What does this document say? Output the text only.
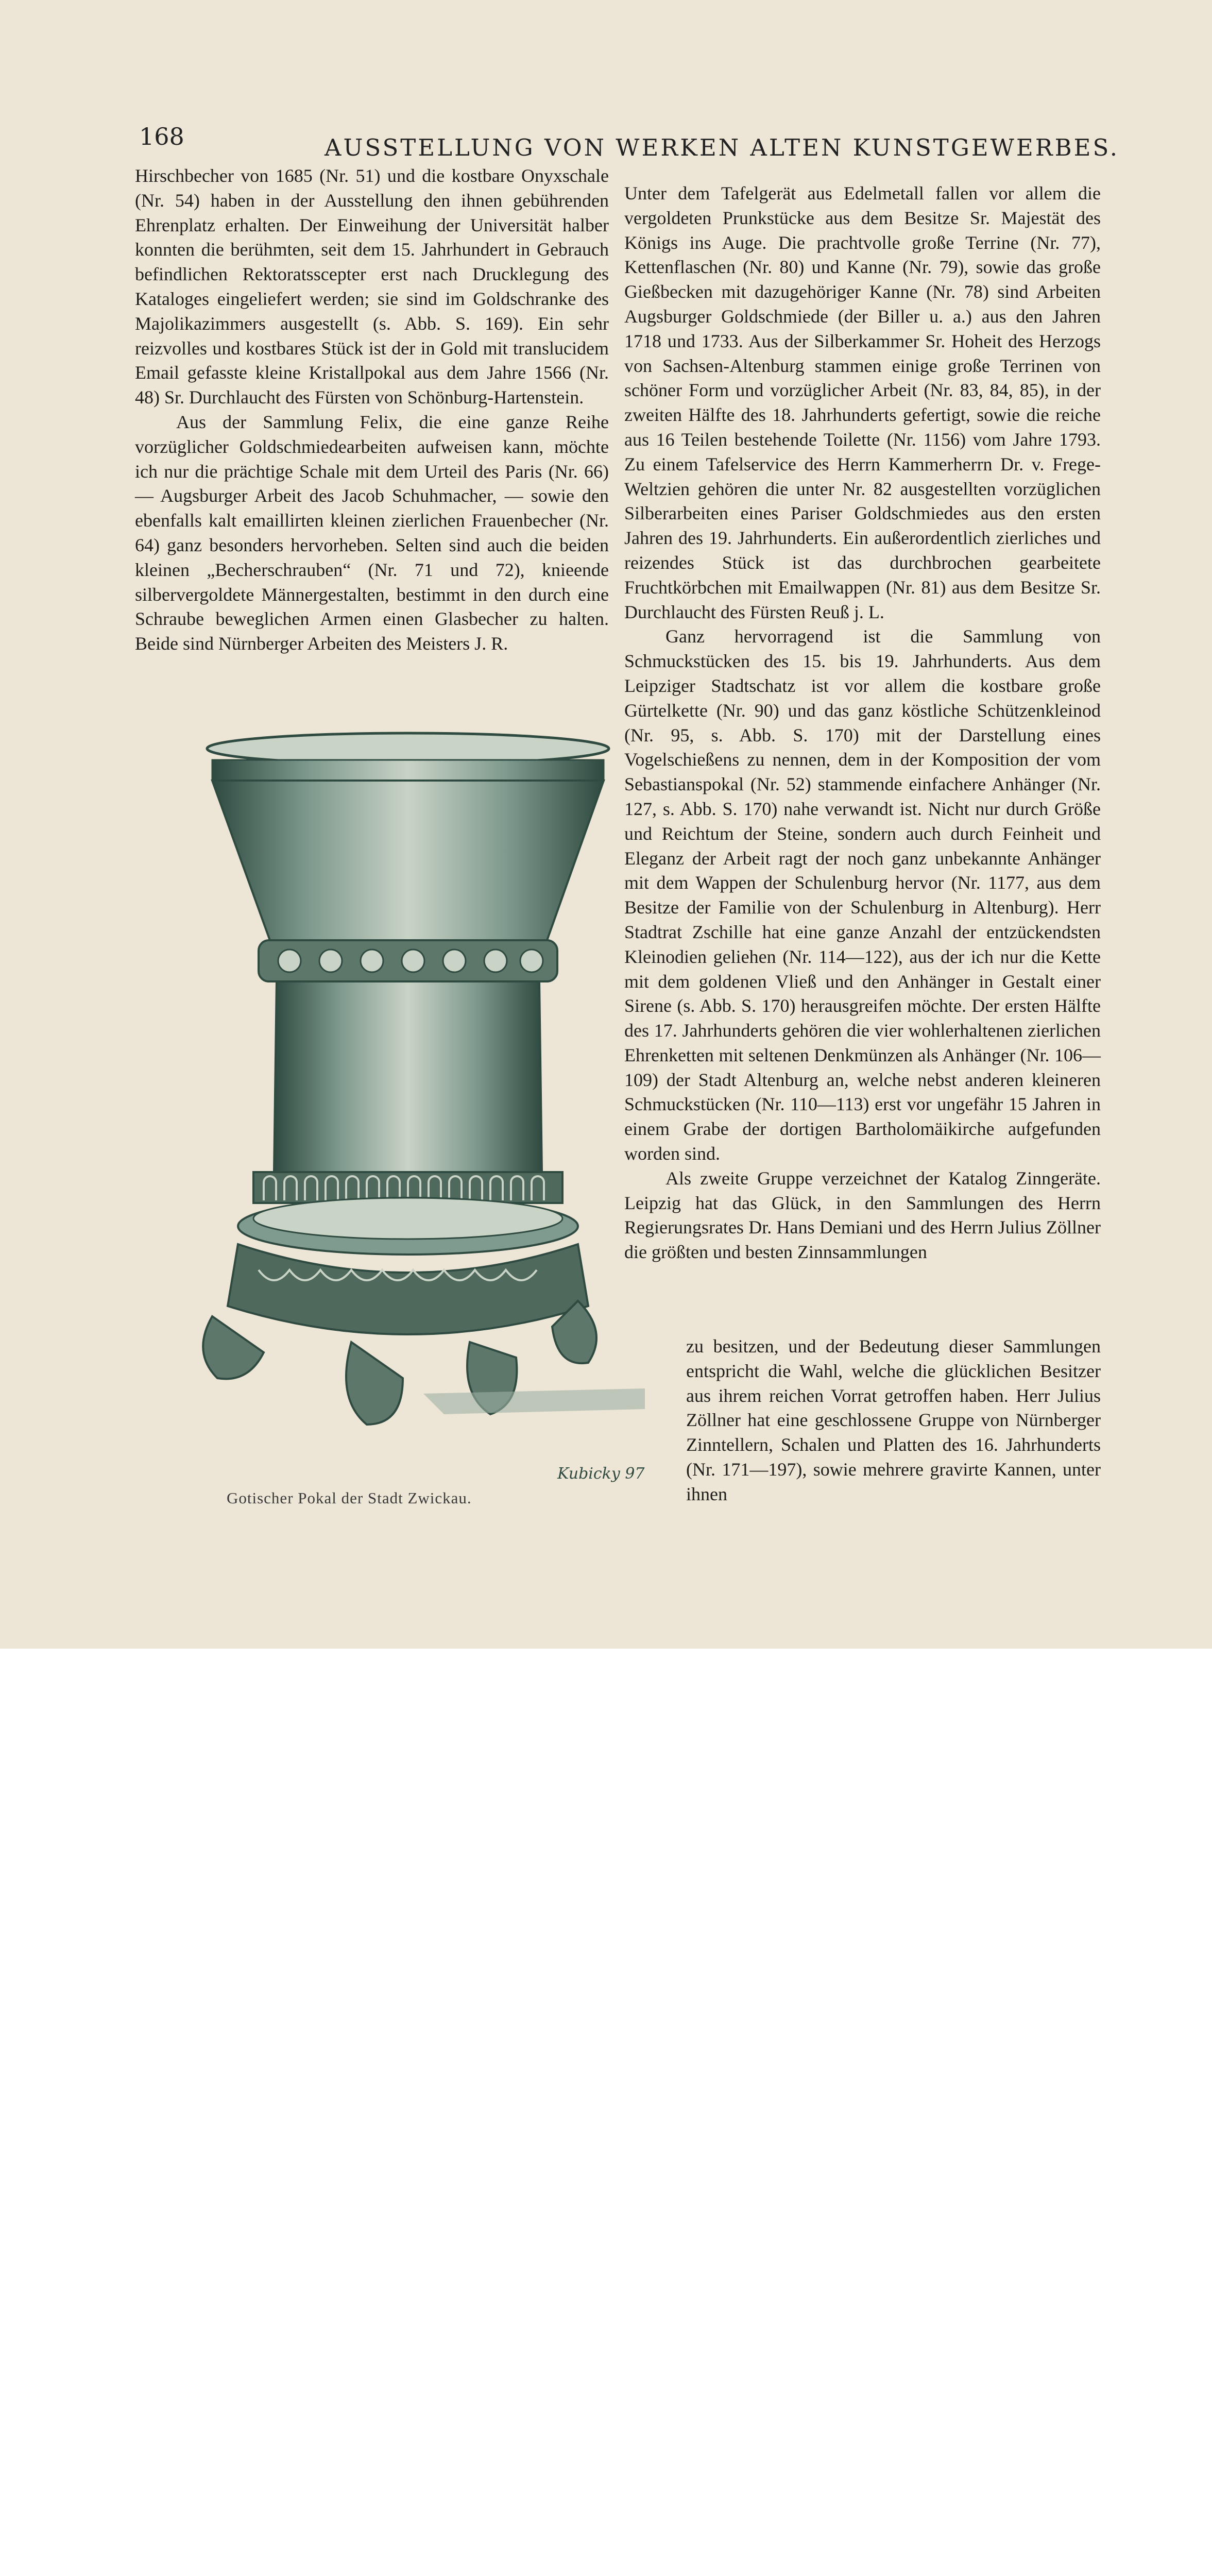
168	AUSSTELLUNG VON WERKEN ALTEN KUNSTGEWERBES.

Hirschbecher von 1685 (Nr. 51) und die kostbare Onyxschale (Nr. 54) haben in der Ausstellung den ihnen gebührenden Ehrenplatz erhalten. Der Einweihung der Universität halber konnten die berühmten, seit dem 15. Jahrhundert in Gebrauch befindlichen Rektoratsscepter erst nach Drucklegung des Kataloges eingeliefert werden; sie sind im Goldschranke des Majolikazimmers ausgestellt (s. Abb. S. 169). Ein sehr reizvolles und kostbares Stück ist der in Gold mit translucidem Email gefasste kleine Kristallpokal aus dem Jahre 1566 (Nr. 48) Sr. Durchlaucht des Fürsten von Schönburg-Hartenstein.

Aus der Sammlung Felix, die eine ganze Reihe vorzüglicher Goldschmiedearbeiten aufweisen kann, möchte ich nur die prächtige Schale mit dem Urteil des Paris (Nr. 66) — Augsburger Arbeit des Jacob Schuhmacher, — sowie den ebenfalls kalt emaillirten kleinen zierlichen Frauenbecher (Nr. 64) ganz besonders hervorheben. Selten sind auch die beiden kleinen „Becherschrauben“ (Nr. 71 und 72), knieende silbervergoldete Männergestalten, bestimmt in den durch eine Schraube beweglichen Armen einen Glasbecher zu halten. Beide sind Nürnberger Arbeiten des Meisters J. R.

Unter dem Tafelgerät aus Edelmetall fallen vor allem die vergoldeten Prunkstücke aus dem Besitze Sr. Majestät des Königs ins Auge. Die prachtvolle große Terrine (Nr. 77), Kettenflaschen (Nr. 80) und Kanne (Nr. 79), sowie das große Gießbecken mit dazugehöriger Kanne (Nr. 78) sind Arbeiten Augsburger Goldschmiede (der Biller u. a.) aus den Jahren 1718 und 1733. Aus der Silberkammer Sr. Hoheit des Herzogs von Sachsen-Altenburg stammen einige große Terrinen von schöner Form und vorzüglicher Arbeit (Nr. 83, 84, 85), in der zweiten Hälfte des 18. Jahrhunderts gefertigt, sowie die reiche aus 16 Teilen bestehende Toilette (Nr. 1156) vom Jahre 1793. Zu einem Tafelservice des Herrn Kammerherrn Dr. v. Frege-Weltzien gehören die unter Nr. 82 ausgestellten vorzüglichen Silberarbeiten eines Pariser Goldschmiedes aus den ersten Jahren des 19. Jahrhunderts. Ein außerordentlich zierliches und reizendes Stück ist das durchbrochen gearbeitete Fruchtkörbchen mit Emailwappen (Nr. 81) aus dem Besitze Sr. Durchlaucht des Fürsten Reuß j. L.

Ganz hervorragend ist die Sammlung von Schmuckstücken des 15. bis 19. Jahrhunderts. Aus dem Leipziger Stadtschatz ist vor allem die kostbare große Gürtelkette (Nr. 90) und das ganz köstliche Schützenkleinod (Nr. 95, s. Abb. S. 170) mit der Darstellung eines Vogelschießens zu nennen, dem in der Komposition der vom Sebastianspokal (Nr. 52) stammende einfachere Anhänger (Nr. 127, s. Abb. S. 170) nahe verwandt ist. Nicht nur durch Größe und Reichtum der Steine, sondern auch durch Feinheit und Eleganz der Arbeit ragt der noch ganz unbekannte Anhänger mit dem Wappen der Schulenburg hervor (Nr. 1177, aus dem Besitze der Familie von der Schulenburg in Altenburg). Herr Stadtrat Zschille hat eine ganze Anzahl der entzückendsten Kleinodien geliehen (Nr. 114—122), aus der ich nur die Kette mit dem goldenen Vließ und den Anhänger in Gestalt einer Sirene (s. Abb. S. 170) herausgreifen möchte. Der ersten Hälfte des 17. Jahrhunderts gehören die vier wohlerhaltenen zierlichen Ehrenketten mit seltenen Denkmünzen als Anhänger (Nr. 106—109) der Stadt Altenburg an, welche nebst anderen kleineren Schmuckstücken (Nr. 110—113) erst vor ungefähr 15 Jahren in einem Grabe der dortigen Bartholomäikirche aufgefunden worden sind.

Als zweite Gruppe verzeichnet der Katalog Zinngeräte. Leipzig hat das Glück, in den Sammlungen des Herrn Regierungsrates Dr. Hans Demiani und des Herrn Julius Zöllner die größten und besten Zinnsammlungen

zu besitzen, und der Bedeutung dieser Sammlungen entspricht die Wahl, welche die glücklichen Besitzer aus ihrem reichen Vorrat getroffen haben. Herr Julius Zöllner hat eine geschlossene Gruppe von Nürnberger Zinntellern, Schalen und Platten des 16. Jahrhunderts (Nr. 171—197), sowie mehrere gravirte Kannen, unter ihnen

Kubicky 97
Gotischer Pokal der Stadt Zwickau.
